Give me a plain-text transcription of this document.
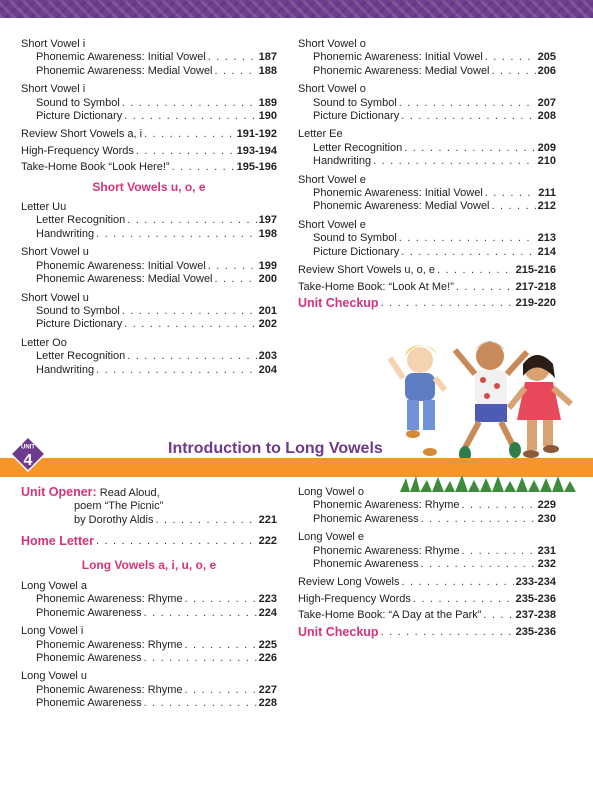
Short Vowel i
Phonemic Awareness: Initial Vowel . . .	187
Phonemic Awareness: Medial Vowel . . .	188
Short Vowel i
Sound to Symbol . . .	189
Picture Dictionary . . .	190
Review Short Vowels a, i . . .	191-192
High-Frequency Words . . .	193-194
Take-Home Book “Look Here!” . . .	195-196
Short Vowels u, o, e
Letter Uu
Letter Recognition . . .	197
Handwriting . . .	198
Short Vowel u
Phonemic Awareness: Initial Vowel . . .	199
Phonemic Awareness: Medial Vowel . . .	200
Short Vowel u
Sound to Symbol . . .	201
Picture Dictionary . . .	202
Letter Oo
Letter Recognition . . .	203
Handwriting . . .	204
Short Vowel o
Phonemic Awareness: Initial Vowel . . .	205
Phonemic Awareness: Medial Vowel . . .	206
Short Vowel o
Sound to Symbol . . .	207
Picture Dictionary . . .	208
Letter Ee
Letter Recognition . . .	209
Handwriting . . .	210
Short Vowel e
Phonemic Awareness: Initial Vowel . . .	211
Phonemic Awareness: Medial Vowel . . .	212
Short Vowel e
Sound to Symbol . . .	213
Picture Dictionary . . .	214
Review Short Vowels u, o, e . . .	215-216
Take-Home Book: “Look At Me!” . . .	217-218
Unit Checkup . . .	219-220
UNIT
4
Introduction to Long Vowels
Unit Opener: Read Aloud,
poem “The Picnic”
by Dorothy Aldis . . .	221
Home Letter . . .	222
Long Vowels a, i, u, o, e
Long Vowel a
Phonemic Awareness: Rhyme . . .	223
Phonemic Awareness . . .	224
Long Vowel i
Phonemic Awareness: Rhyme . . .	225
Phonemic Awareness . . .	226
Long Vowel u
Phonemic Awareness: Rhyme . . .	227
Phonemic Awareness . . .	228
Long Vowel o
Phonemic Awareness: Rhyme . . .	229
Phonemic Awareness . . .	230
Long Vowel e
Phonemic Awareness: Rhyme . . .	231
Phonemic Awareness . . .	232
Review Long Vowels . . .	233-234
High-Frequency Words . . .	235-236
Take-Home Book: “A Day at the Park” . . .	237-238
Unit Checkup . . .	235-236
